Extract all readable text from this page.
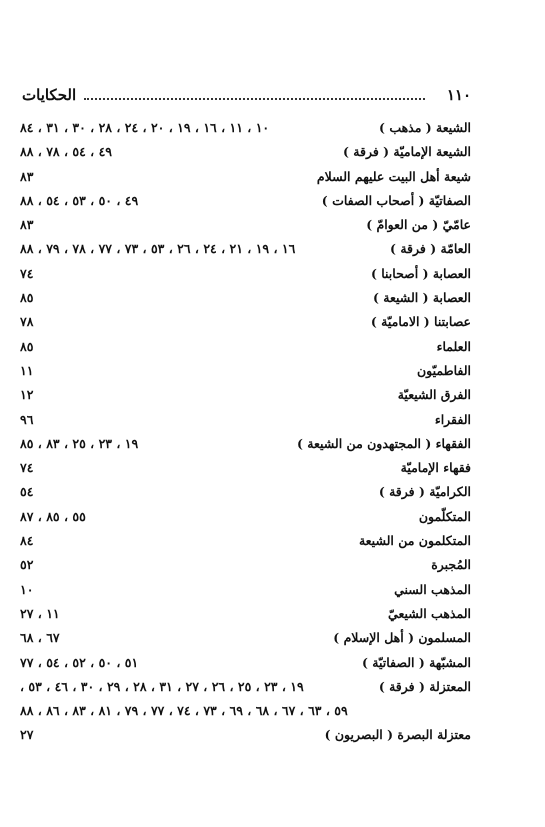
١١٠
الحكايات
الشيعة ( مذهب )
١٠ ، ١١ ، ١٦ ، ١٩ ، ٢٠ ، ٢٤ ، ٢٨ ، ٣٠ ، ٣١ ، ٨٤
الشيعة الإماميّة ( فرقة )
٤٩ ، ٥٤ ، ٧٨ ، ٨٨
شيعة أهل البيت عليهم السلام
٨٣
الصفاتيّة ( أصحاب الصفات )
٤٩ ، ٥٠ ، ٥٣ ، ٥٤ ، ٨٨
عامّيّ ( من العوامّ )
٨٣
العامّة ( فرقة )
١٦ ، ١٩ ، ٢١ ، ٢٤ ، ٢٦ ، ٥٣ ، ٧٣ ، ٧٧ ، ٧٨ ، ٧٩ ، ٨٨
العصابة ( أصحابنا )
٧٤
العصابة ( الشيعة )
٨٥
عصابتنا ( الاماميّة )
٧٨
العلماء
٨٥
الفاطميّون
١١
الفرق الشيعيّة
١٢
الفقراء
٩٦
الفقهاء ( المجتهدون من الشيعة )
١٩ ، ٢٣ ، ٢٥ ، ٨٣ ، ٨٥
فقهاء الإماميّة
٧٤
الكراميّة ( فرقة )
٥٤
المتكلّمون
٥٥ ، ٨٥ ، ٨٧
المتكلمون من الشيعة
٨٤
المُجبرة
٥٢
المذهب السني
١٠
المذهب الشيعيّ
١١ ، ٢٧
المسلمون ( أهل الإسلام )
٦٧ ، ٦٨
المشبّهة ( الصفاتيّة )
٥١ ، ٥٠ ، ٥٢ ، ٥٤ ، ٧٧
المعتزلة ( فرقة )
١٩ ، ٢٣ ، ٢٥ ، ٢٦ ، ٢٧ ، ٣١ ، ٢٨ ، ٢٩ ، ٣٠ ، ٤٦ ، ٥٣ ،
٥٩ ، ٦٣ ، ٦٧ ، ٦٨ ، ٦٩ ، ٧٣ ، ٧٤ ، ٧٧ ، ٧٩ ، ٨١ ، ٨٣ ، ٨٦ ، ٨٨
معتزلة البصرة ( البصريون )
٢٧
